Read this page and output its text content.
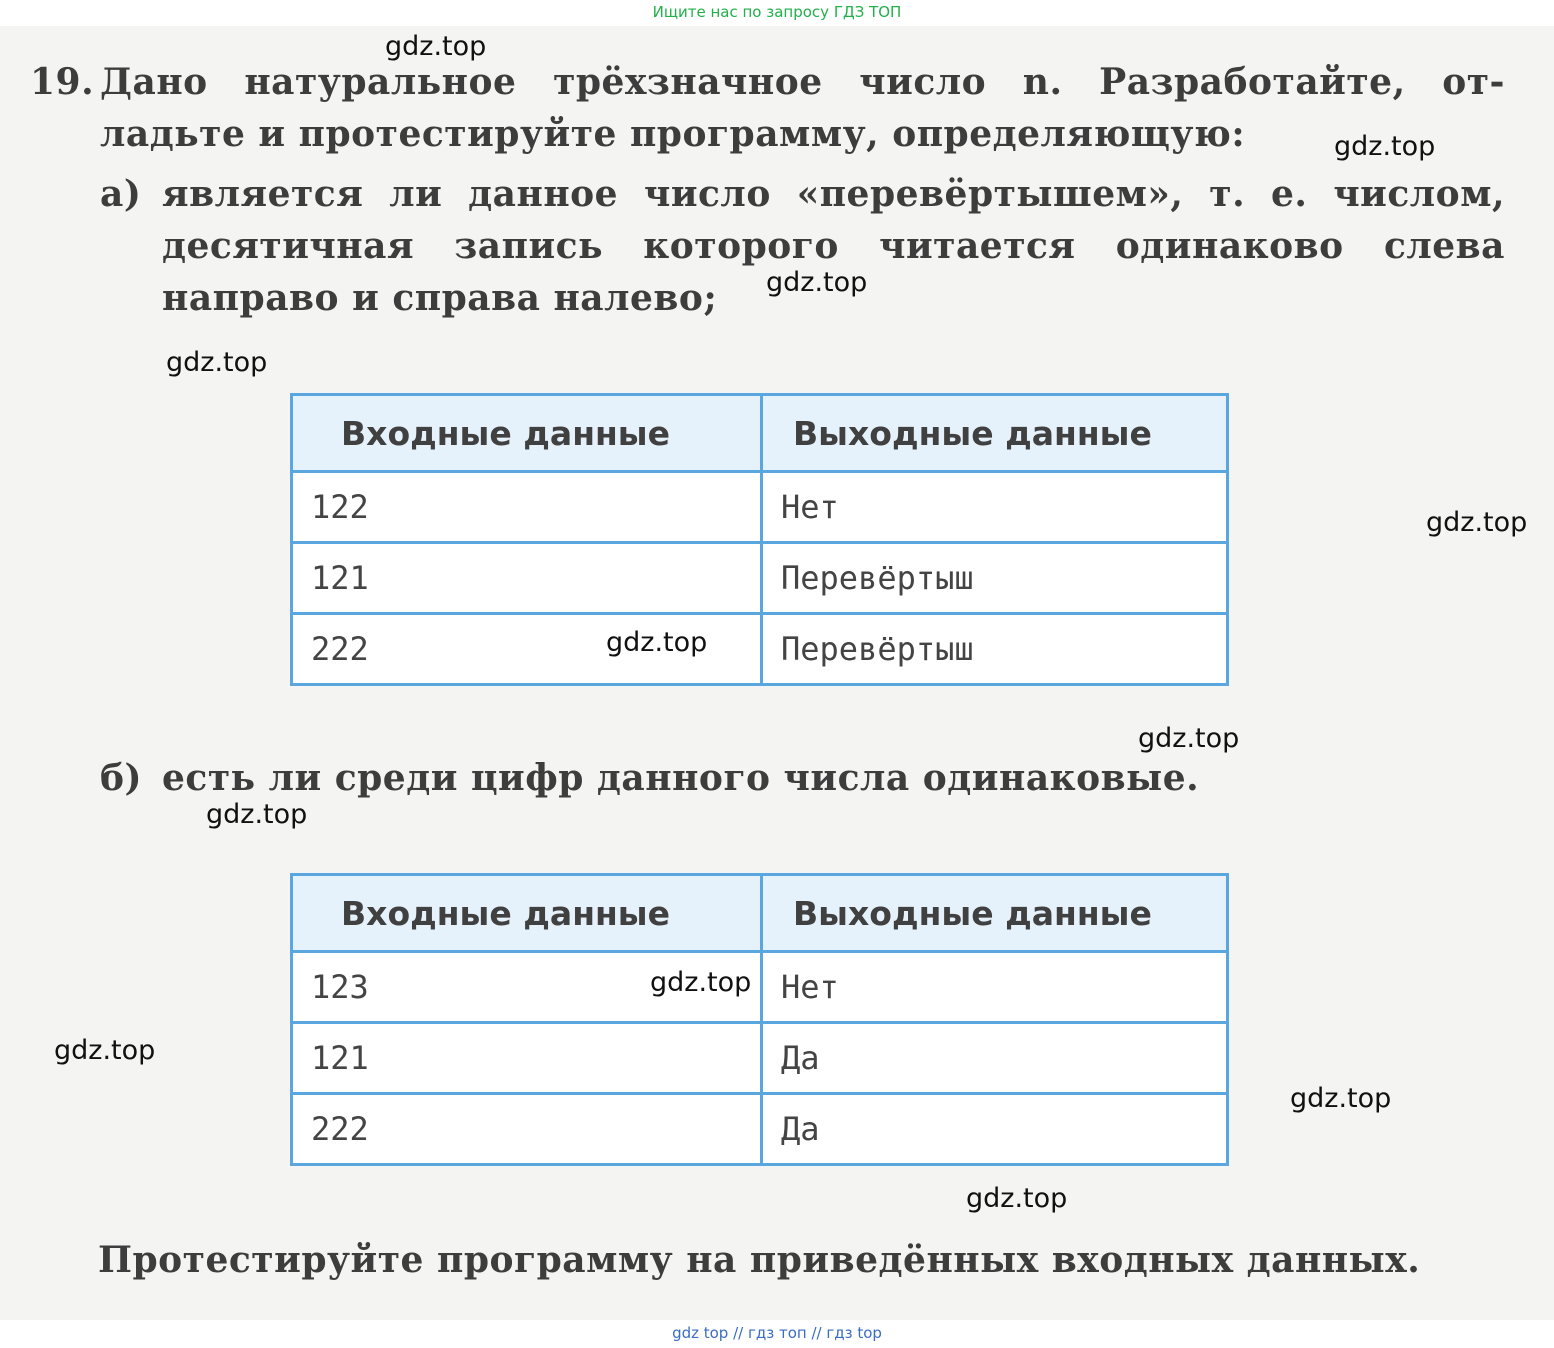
Ищите нас по запросу ГДЗ ТОП
19. Дано натуральное трёхзначное число n. Разработайте, от-
ладьте и протестируйте программу, определяющую:
а) является ли данное число «перевёртышем», т. е. числом,
десятичная запись которого читается одинаково слева
направо и справа налево;
Входные данные	Выходные данные
122	Нет
121	Перевёртыш
222	Перевёртыш
б) есть ли среди цифр данного числа одинаковые.
Входные данные	Выходные данные
123	Нет
121	Да
222	Да
Протестируйте программу на приведённых входных данных.
gdz.top
gdz.top
gdz.top
gdz.top
gdz.top
gdz.top
gdz.top
gdz.top
gdz.top
gdz.top
gdz.top
gdz.top
gdz top // гдз топ // гдз top
